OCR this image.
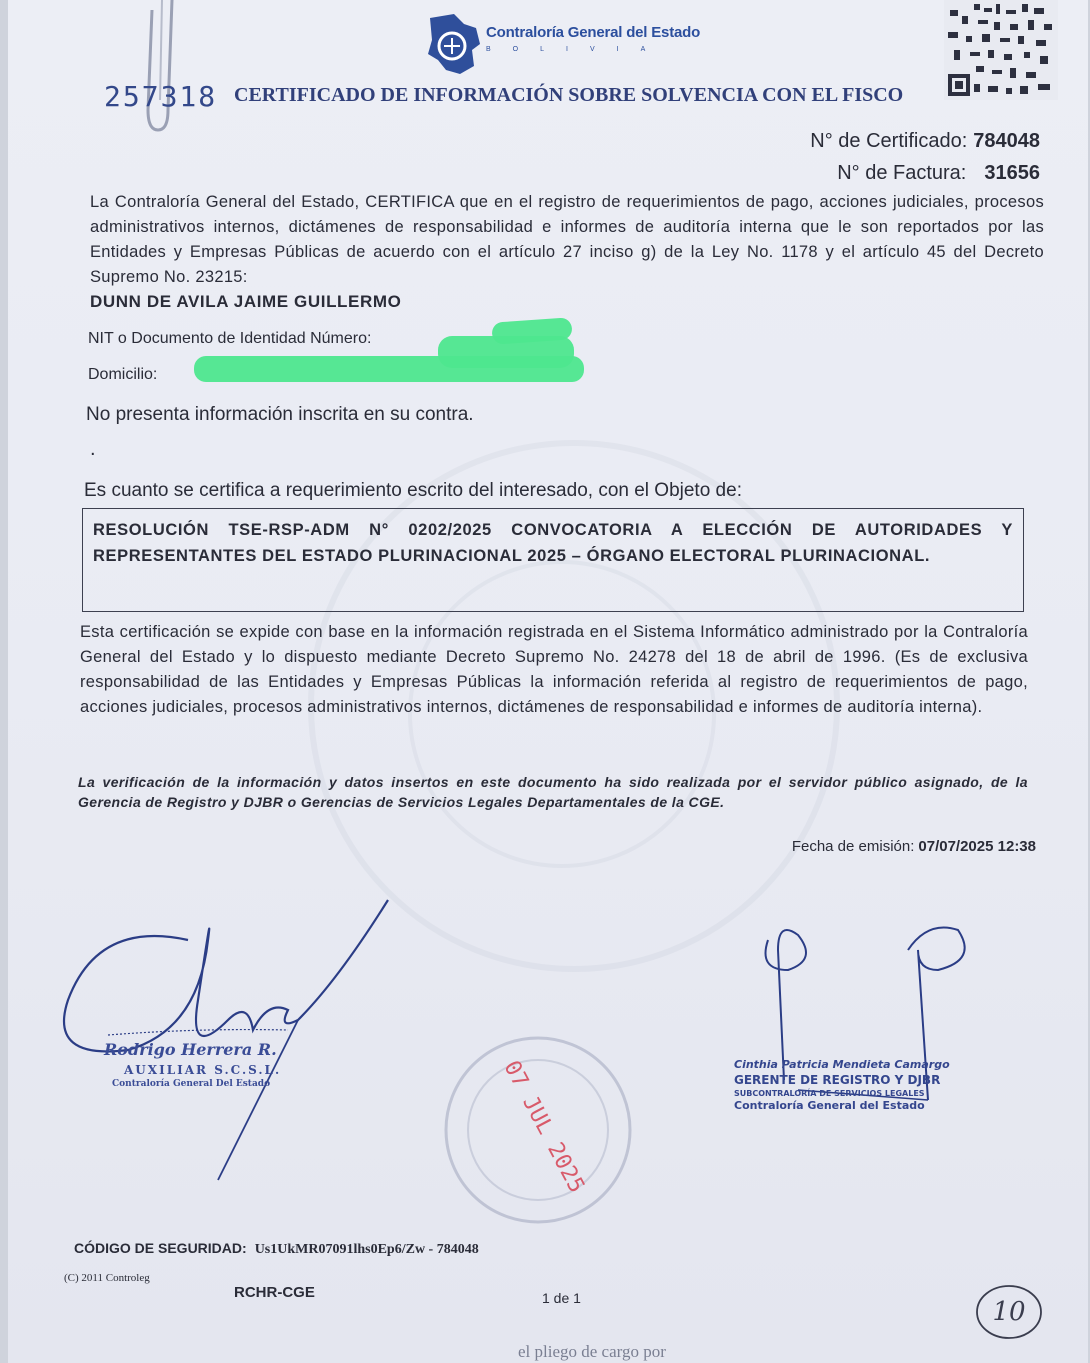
Contraloría General del Estado
BOLIVIA
257318 CERTIFICADO DE INFORMACIÓN SOBRE SOLVENCIA CON EL FISCO
N° de Certificado: 784048
N° de Factura: 31656
La Contraloría General del Estado, CERTIFICA que en el registro de requerimientos de pago, acciones judiciales, procesos administrativos internos, dictámenes de responsabilidad e informes de auditoría interna que le son reportados por las Entidades y Empresas Públicas de acuerdo con el artículo 27 inciso g) de la Ley No. 1178 y el artículo 45 del Decreto Supremo No. 23215:
DUNN DE AVILA JAIME GUILLERMO
NIT o Documento de Identidad Número:
Domicilio:
No presenta información inscrita en su contra.
.
Es cuanto se certifica a requerimiento escrito del interesado, con el Objeto de:
RESOLUCIÓN TSE-RSP-ADM N° 0202/2025 CONVOCATORIA A ELECCIÓN DE AUTORIDADES Y REPRESENTANTES DEL ESTADO PLURINACIONAL 2025 – ÓRGANO ELECTORAL PLURINACIONAL.
Esta certificación se expide con base en la información registrada en el Sistema Informático administrado por la Contraloría General del Estado y lo dispuesto mediante Decreto Supremo No. 24278 del 18 de abril de 1996. (Es de exclusiva responsabilidad de las Entidades y Empresas Públicas la información referida al registro de requerimientos de pago, acciones judiciales, procesos administrativos internos, dictámenes de responsabilidad e informes de auditoría interna).
La verificación de la información y datos insertos en este documento ha sido realizada por el servidor público asignado, de la Gerencia de Registro y DJBR o Gerencias de Servicios Legales Departamentales de la CGE.
Fecha de emisión: 07/07/2025 12:38
Rodrigo Herrera R.
AUXILIAR S.C.S.L.
Contraloría General Del Estado	07 JUL 2025	Cinthia Patricia Mendieta Camargo
GERENTE DE REGISTRO Y DJBR
SUBCONTRALORÍA DE SERVICIOS LEGALES
Contraloría General del Estado
CÓDIGO DE SEGURIDAD: Us1UkMR07091lhs0Ep6/Zw - 784048
(C) 2011 Controleg
RCHR-CGE	1 de 1	10
el pliego de cargo por
